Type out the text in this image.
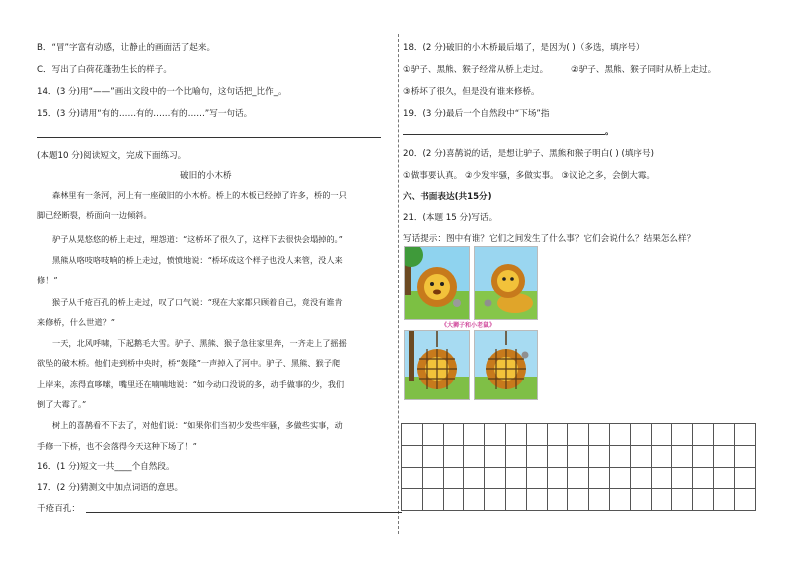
B．“冒”字富有动感，让静止的画面活了起来。
C．写出了白荷花蓬勃生长的样子。
14．(3 分)用“——”画出文段中的一个比喻句，这句话把_比作_。
15．(3 分)请用“有的……有的……有的……”写一句话。
(本题10 分)阅读短文，完成下面练习。
破旧的小木桥
森林里有一条河，河上有一座破旧的小木桥。桥上的木板已经掉了许多，桥的一只
脚已经断裂，桥面向一边倾斜。
驴子从晃悠悠的桥上走过，埋怨道：“这桥坏了很久了，这样下去很快会塌掉的。”
黑熊从咯吱咯吱响的桥上走过，愤愤地说：“桥坏成这个样子也没人来管，没人来
修！”
猴子从千疮百孔的桥上走过，叹了口气说：“现在大家都只顾着自己，竟没有谁肯
来修桥，什么世道？”
一天，北风呼啸，下起鹅毛大雪。驴子、黑熊、猴子急往家里奔，一齐走上了摇摇
欲坠的破木桥。他们走到桥中央时，桥“轰隆”一声掉入了河中。驴子、黑熊、猴子爬
上岸来，冻得直哆嗦，嘴里还在喃喃地说：“如今动口没说的多，动手做事的少，我们
倒了大霉了。”
树上的喜鹊看不下去了，对他们说：“如果你们当初少发些牢骚，多做些实事，动
手修一下桥，也不会落得今天这种下场了！”
16．(1 分)短文一共____个自然段。
17．(2 分)猜测文中加点词语的意思。
千疮百孔：
18．(2 分)破旧的小木桥最后塌了，是因为( )（多选，填序号）
①驴子、黑熊、猴子经常从桥上走过。	②驴子、黑熊、猴子同时从桥上走过。
③桥坏了很久，但是没有谁来修桥。
19．(3 分)最后一个自然段中“下场”指
。
20．(2 分)喜鹊说的话，是想让驴子、黑熊和猴子明白( ) (填序号)
①做事要认真。 ②少发牢骚，多做实事。 ③议论之多，会倒大霉。
六、书面表达(共15分)
21．(本题 15 分)写话。
写话提示：图中有谁？它们之间发生了什么事？它们会说什么？结果怎么样？
《大狮子和小老鼠》
